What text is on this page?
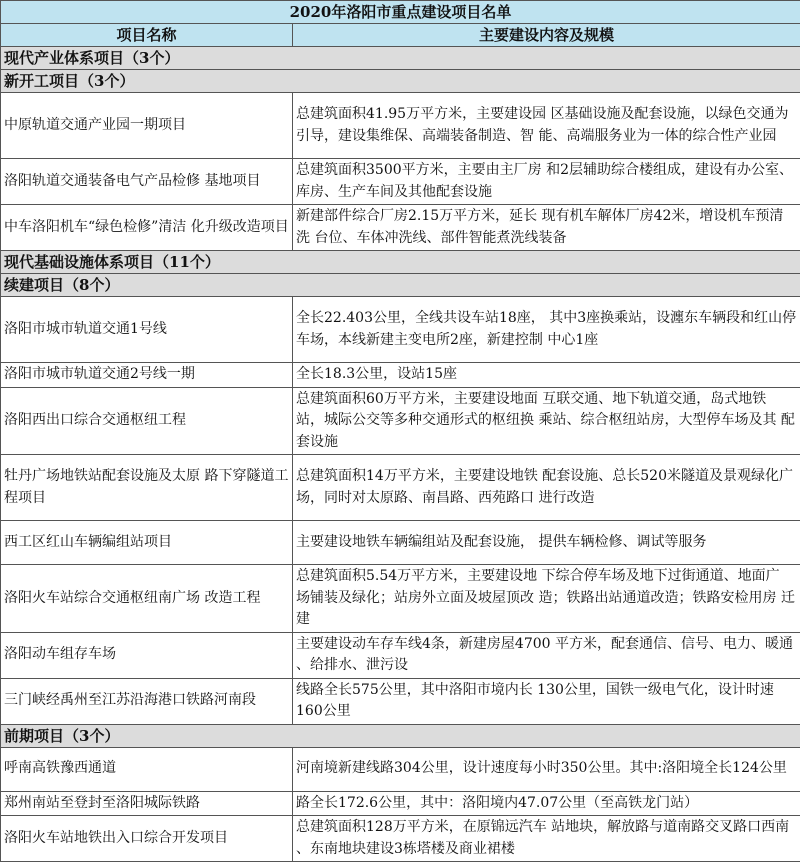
2020年洛阳市重点建设项目名单	
项目名称	主要建设内容及规模
现代产业体系项目（3个）	
新开工项目（3个）	
中原轨道交通产业园一期项目	总建筑面积41.95万平方米，主要建设园 区基础设施及配套设施，以绿色交通为 引导，建设集维保、高端装备制造、智 能、高端服务业为一体的综合性产业园
洛阳轨道交通装备电气产品检修 基地项目	总建筑面积3500平方米，主要由主厂房 和2层辅助综合楼组成，建设有办公室、 库房、生产车间及其他配套设施
中车洛阳机车“绿色检修”清洁 化升级改造项目	新建部件综合厂房2.15万平方米，延长 现有机车解体厂房42米，增设机车预清洗 台位、车体冲洗线、部件智能煮洗线装备
现代基础设施体系项目（11个）	
续建项目（8个）	
洛阳市城市轨道交通1号线	全长22.403公里，全线共设车站18座， 其中3座换乘站，设瀍东车辆段和红山停 车场，本线新建主变电所2座，新建控制 中心1座
洛阳市城市轨道交通2号线一期	全长18.3公里，设站15座
洛阳西出口综合交通枢纽工程	总建筑面积60万平方米，主要建设地面 互联交通、地下轨道交通，岛式地铁 站，城际公交等多种交通形式的枢纽换 乘站、综合枢纽站房，大型停车场及其 配套设施
牡丹广场地铁站配套设施及太原 路下穿隧道工程项目	总建筑面积14万平方米，主要建设地铁 配套设施、总长520米隧道及景观绿化广 场，同时对太原路、南昌路、西苑路口 进行改造
西工区红山车辆编组站项目	主要建设地铁车辆编组站及配套设施， 提供车辆检修、调试等服务
洛阳火车站综合交通枢纽南广场 改造工程	总建筑面积5.54万平方米，主要建设地 下综合停车场及地下过街通道、地面广 场铺装及绿化；站房外立面及坡屋顶改 造；铁路出站通道改造；铁路安检用房 迁建
洛阳动车组存车场	主要建设动车存车线4条，新建房屋4700 平方米，配套通信、信号、电力、暖通 、给排水、泄污设
三门峡经禹州至江苏沿海港口铁路河南段	线路全长575公里，其中洛阳市境内长 130公里，国铁一级电气化，设计时速 160公里
前期项目（3个）	
呼南高铁豫西通道	河南境新建线路304公里，设计速度每小时350公里。其中:洛阳境全长124公里
郑州南站至登封至洛阳城际铁路	路全长172.6公里，其中：洛阳境内47.07公里（至高铁龙门站）
洛阳火车站地铁出入口综合开发项目	总建筑面积128万平方米，在原锦远汽车 站地块，解放路与道南路交叉路口西南 、东南地块建设3栋塔楼及商业裙楼
